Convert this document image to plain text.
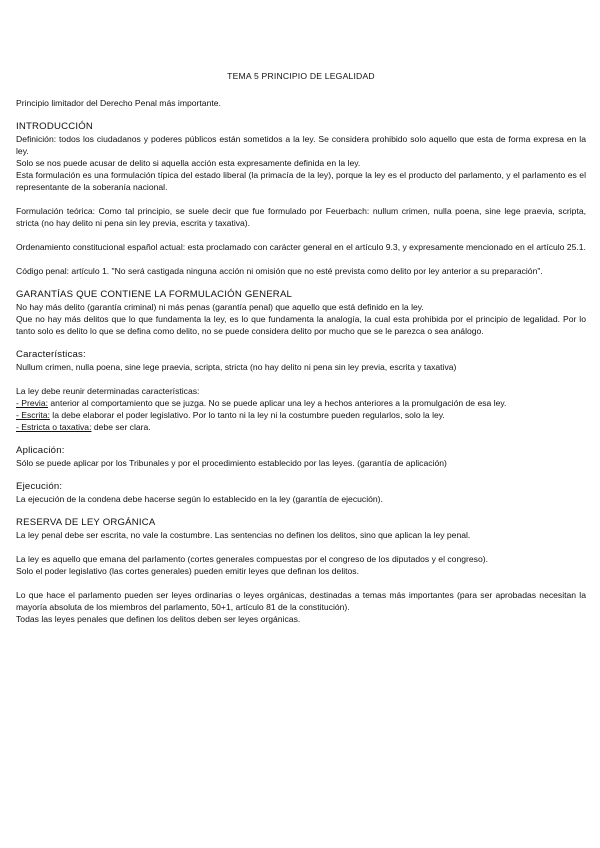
TEMA 5 PRINCIPIO DE LEGALIDAD

Principio limitador del Derecho Penal más importante.

INTRODUCCIÓN

Definición: todos los ciudadanos y poderes públicos están sometidos a la ley. Se considera prohibido solo aquello que esta de forma expresa en la ley.

Solo se nos puede acusar de delito si aquella acción esta expresamente definida en la ley.

Esta formulación es una formulación típica del estado liberal (la primacía de la ley), porque la ley es el producto del parlamento, y el parlamento es el representante de la soberanía nacional.

Formulación teórica: Como tal principio, se suele decir que fue formulado por Feuerbach: nullum crimen, nulla poena, sine lege praevia, scripta, stricta (no hay delito ni pena sin ley previa, escrita y taxativa).

Ordenamiento constitucional español actual: esta proclamado con carácter general en el artículo 9.3, y expresamente mencionado en el artículo 25.1.

Código penal: artículo 1. "No será castigada ninguna acción ni omisión que no esté prevista como delito por ley anterior a su preparación".

GARANTÍAS QUE CONTIENE LA FORMULACIÓN GENERAL

No hay más delito (garantía criminal) ni más penas (garantía penal) que aquello que está definido en la ley.

Que no hay más delitos que lo que fundamenta la ley, es lo que fundamenta la analogía, la cual esta prohibida por el principio de legalidad. Por lo tanto solo es delito lo que se defina como delito, no se puede considera delito por mucho que se le parezca o sea análogo.

Características:

Nullum crimen, nulla poena, sine lege praevia, scripta, stricta (no hay delito ni pena sin ley previa, escrita y taxativa)

La ley debe reunir determinadas características:

- Previa: anterior al comportamiento que se juzga. No se puede aplicar una ley a hechos anteriores a la promulgación de esa ley.

- Escrita: la debe elaborar el poder legislativo. Por lo tanto ni la ley ni la costumbre pueden regularlos, solo la ley.

- Estricta o taxativa: debe ser clara.

Aplicación:

Sólo se puede aplicar por los Tribunales y por el procedimiento establecido por las leyes. (garantía de aplicación)

Ejecución:

La ejecución de la condena debe hacerse según lo establecido en la ley (garantía de ejecución).

RESERVA DE LEY ORGÁNICA

La ley penal debe ser escrita, no vale la costumbre. Las sentencias no definen los delitos, sino que aplican la ley penal.

La ley es aquello que emana del parlamento (cortes generales compuestas por el congreso de los diputados y el congreso).

Solo el poder legislativo (las cortes generales) pueden emitir leyes que definan los delitos.

Lo que hace el parlamento pueden ser leyes ordinarias o leyes orgánicas, destinadas a temas más importantes (para ser aprobadas necesitan la mayoría absoluta de los miembros del parlamento, 50+1, artículo 81 de la constitución).

Todas las leyes penales que definen los delitos deben ser leyes orgánicas.
